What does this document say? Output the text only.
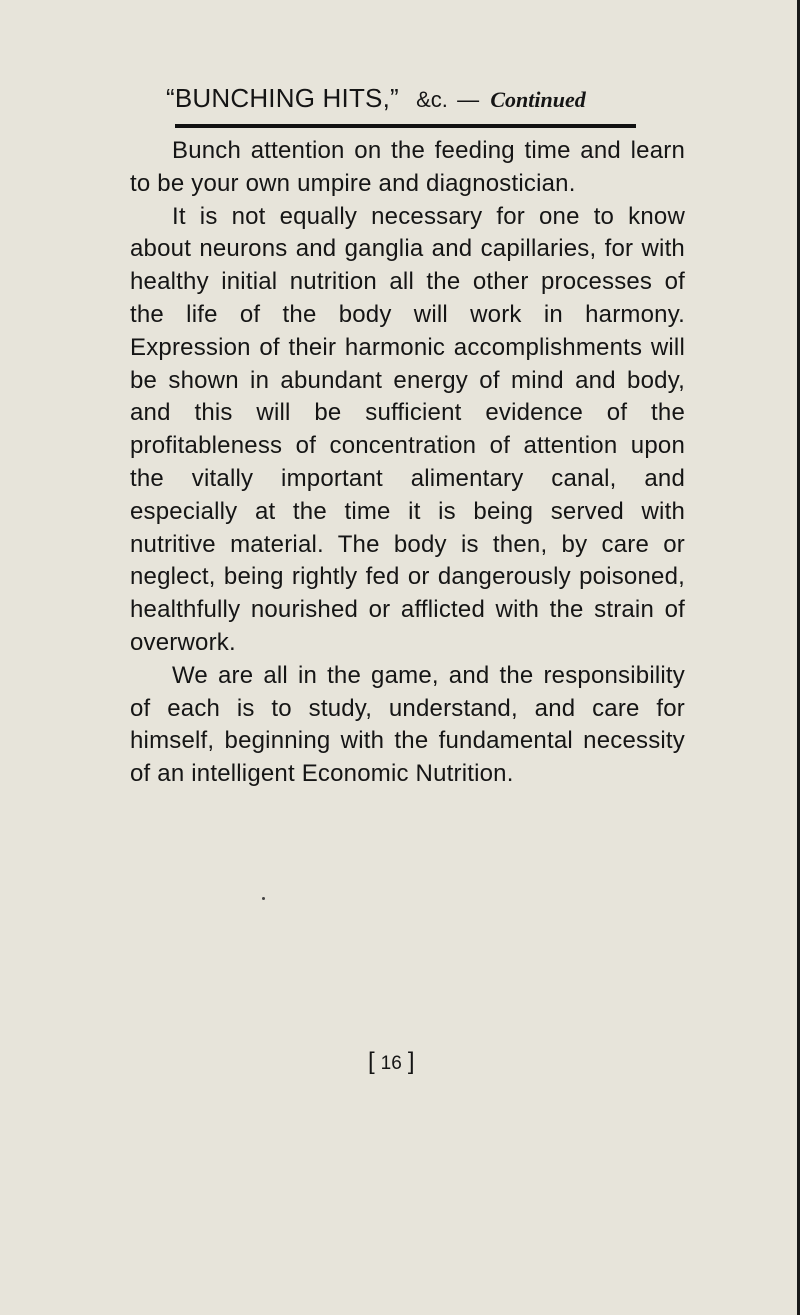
“BUNCHING HITS,” &c. — Continued

Bunch attention on the feeding time and learn to be your own umpire and diagnostician.

It is not equally necessary for one to know about neurons and ganglia and capillaries, for with healthy initial nutrition all the other processes of the life of the body will work in harmony. Expression of their harmonic accomplishments will be shown in abundant energy of mind and body, and this will be sufficient evidence of the profitableness of concentration of attention upon the vitally important alimentary canal, and especially at the time it is being served with nutritive material. The body is then, by care or neglect, being rightly fed or dangerously poisoned, healthfully nourished or afflicted with the strain of overwork.

We are all in the game, and the responsibility of each is to study, understand, and care for himself, beginning with the fundamental necessity of an intelligent Economic Nutrition.

[ 16 ]
